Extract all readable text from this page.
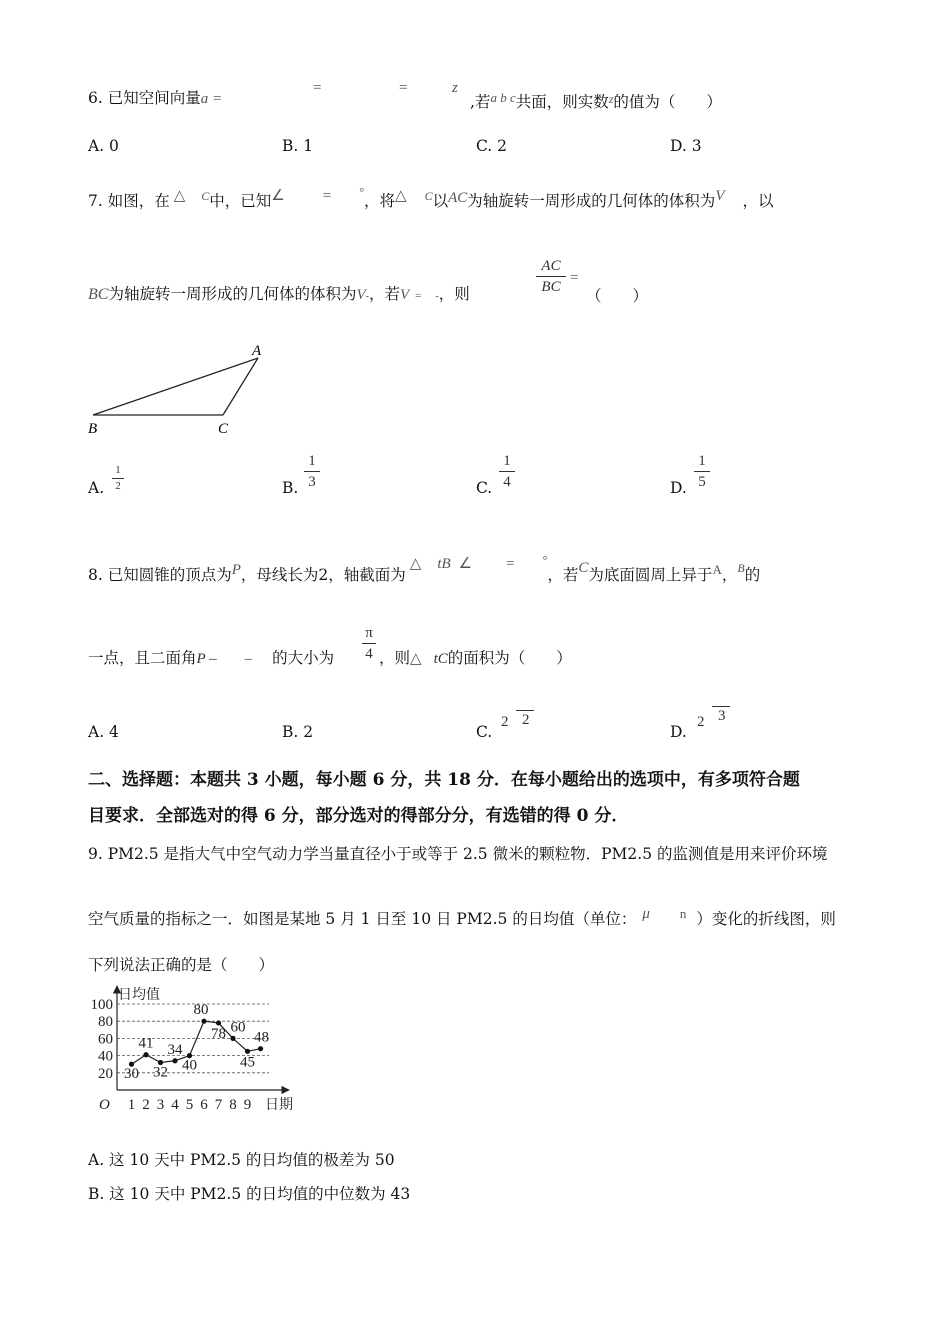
6. 已知空间向量a =
=	=	z
,若$^{a b c}$共面，则实数$^z$的值为（　　）
A. 0	B. 1	C. 2	D. 3
7. 如图，在 △ $^C$中，已知∠	= °，将△ $^C$以AC为轴旋转一周形成的几何体的体积为V ，以
BC为轴旋转一周形成的几何体的体积为V-，若V = -，则
AC
BC
=
（　　）
A
B	C
A.
1
2	B.
1
3	C.
1
4	D.
1
5
8. 已知圆锥的顶点为P，母线长为2，轴截面为△ tB ∠ = °，若C为底面圆周上异于$^A$，$^B$的
一点，且二面角P – – 的大小为
π
4 ，则△ tC的面积为（　　）
A. 4	B. 2	C.
2 2
D.
2 3
二、选择题：本题共 3 小题，每小题 6 分，共 18 分．在每小题给出的选项中，有多项符合题
目要求．全部选对的得 6 分，部分选对的得部分分，有选错的得 0 分．
9. PM2.5 是指大气中空气动力学当量直径小于或等于 2.5 微米的颗粒物．PM2.5 的监测值是用来评价环境
空气质量的指标之一．如图是某地 5 月 1 日至 10 日 PM2.5 的日均值（单位： μ $^n$ ）变化的折线图，则
下列说法正确的是（　　）
日均值
日期
O
20
40
60
80
100
1 2 3 4 5 6 7 8 9
30
41
32
34
40
80
78 60
45
48
A. 这 10 天中 PM2.5 的日均值的极差为 50
B. 这 10 天中 PM2.5 的日均值的中位数为 43
